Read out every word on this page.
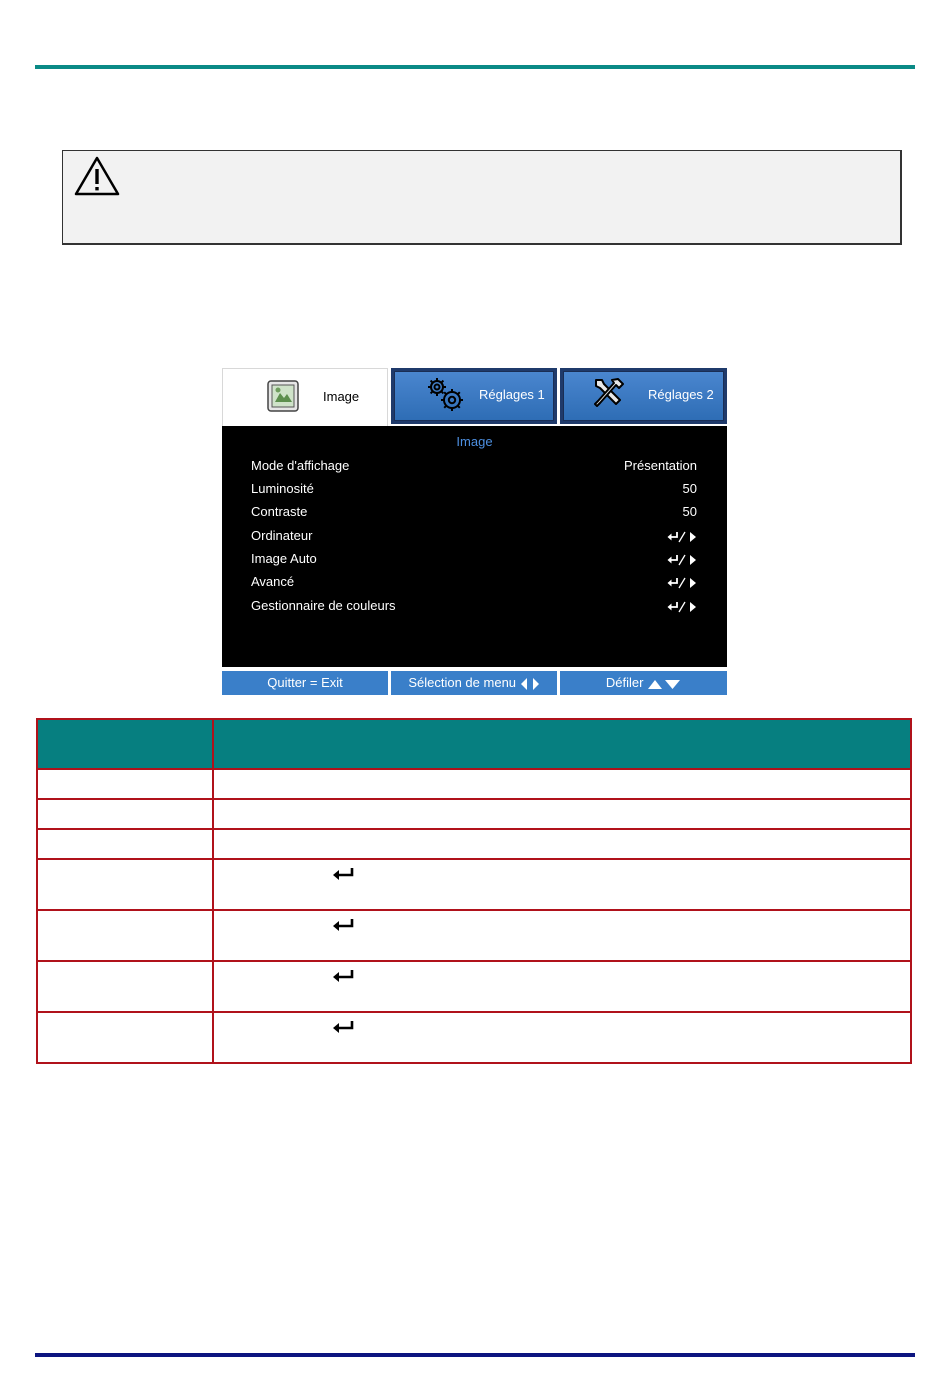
Image	Réglages 1	Réglages 2
Image
Mode d'affichage	Présentation
Luminosité	50
Contraste	50
Ordinateur
Image Auto
Avancé
Gestionnaire de couleurs
Quitter = Exit	Sélection de menu	Défiler
